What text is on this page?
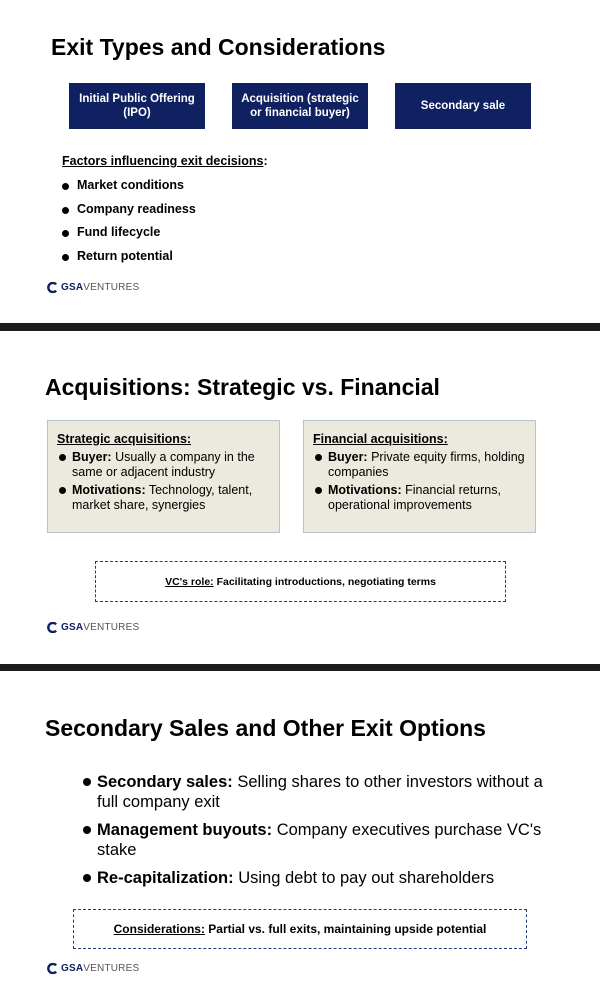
Exit Types and Considerations
Initial Public Offering (IPO)
Acquisition (strategic or financial buyer)
Secondary sale
Factors influencing exit decisions:
Market conditions
Company readiness
Fund lifecycle
Return potential
GSA VENTURES
Acquisitions: Strategic vs. Financial
Strategic acquisitions:
Buyer: Usually a company in the same or adjacent industry
Motivations: Technology, talent, market share, synergies
Financial acquisitions:
Buyer: Private equity firms, holding companies
Motivations: Financial returns, operational improvements
VC's role: Facilitating introductions, negotiating terms
GSA VENTURES
Secondary Sales and Other Exit Options
Secondary sales: Selling shares to other investors without a full company exit
Management buyouts: Company executives purchase VC's stake
Re-capitalization: Using debt to pay out shareholders
Considerations: Partial vs. full exits, maintaining upside potential
GSA VENTURES
